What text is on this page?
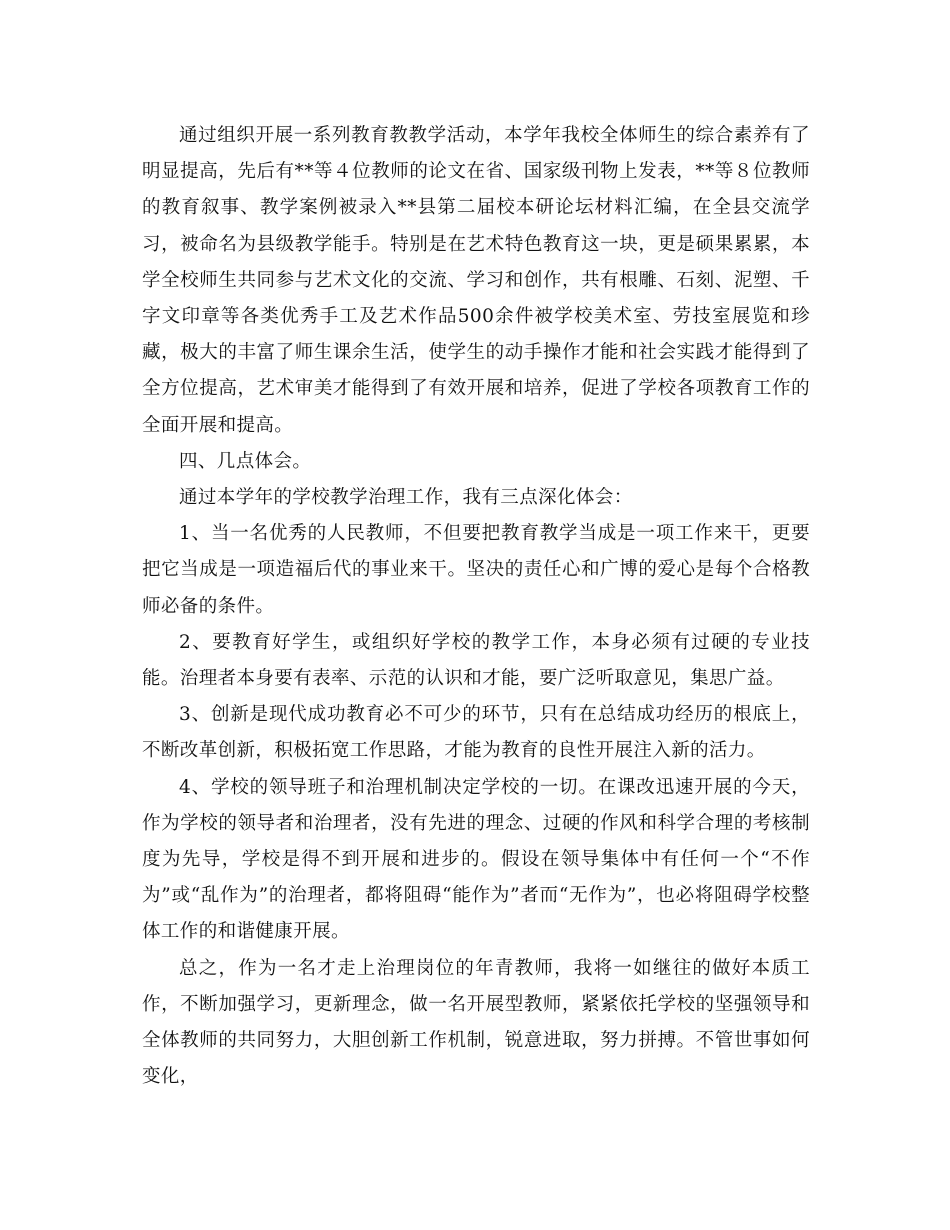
通过组织开展一系列教育教教学活动，本学年我校全体师生的综合素养有了明显提高，先后有**等４位教师的论文在省、国家级刊物上发表，**等８位教师的教育叙事、教学案例被录入**县第二届校本研论坛材料汇编，在全县交流学习，被命名为县级教学能手。特别是在艺术特色教育这一块，更是硕果累累，本学全校师生共同参与艺术文化的交流、学习和创作，共有根雕、石刻、泥塑、千字文印章等各类优秀手工及艺术作品500余件被学校美术室、劳技室展览和珍藏，极大的丰富了师生课余生活，使学生的动手操作才能和社会实践才能得到了全方位提高，艺术审美才能得到了有效开展和培养，促进了学校各项教育工作的全面开展和提高。

四、几点体会。

通过本学年的学校教学治理工作，我有三点深化体会：

1、当一名优秀的人民教师，不但要把教育教学当成是一项工作来干，更要把它当成是一项造福后代的事业来干。坚决的责任心和广博的爱心是每个合格教师必备的条件。

2、要教育好学生，或组织好学校的教学工作，本身必须有过硬的专业技能。治理者本身要有表率、示范的认识和才能，要广泛听取意见，集思广益。

3、创新是现代成功教育必不可少的环节，只有在总结成功经历的根底上，不断改革创新，积极拓宽工作思路，才能为教育的良性开展注入新的活力。

4、学校的领导班子和治理机制决定学校的一切。在课改迅速开展的今天，作为学校的领导者和治理者，没有先进的理念、过硬的作风和科学合理的考核制度为先导，学校是得不到开展和进步的。假设在领导集体中有任何一个“不作为”或“乱作为”的治理者，都将阻碍“能作为”者而“无作为”，也必将阻碍学校整体工作的和谐健康开展。

总之，作为一名才走上治理岗位的年青教师，我将一如继往的做好本质工作，不断加强学习，更新理念，做一名开展型教师，紧紧依托学校的坚强领导和全体教师的共同努力，大胆创新工作机制，锐意进取，努力拼搏。不管世事如何变化，
